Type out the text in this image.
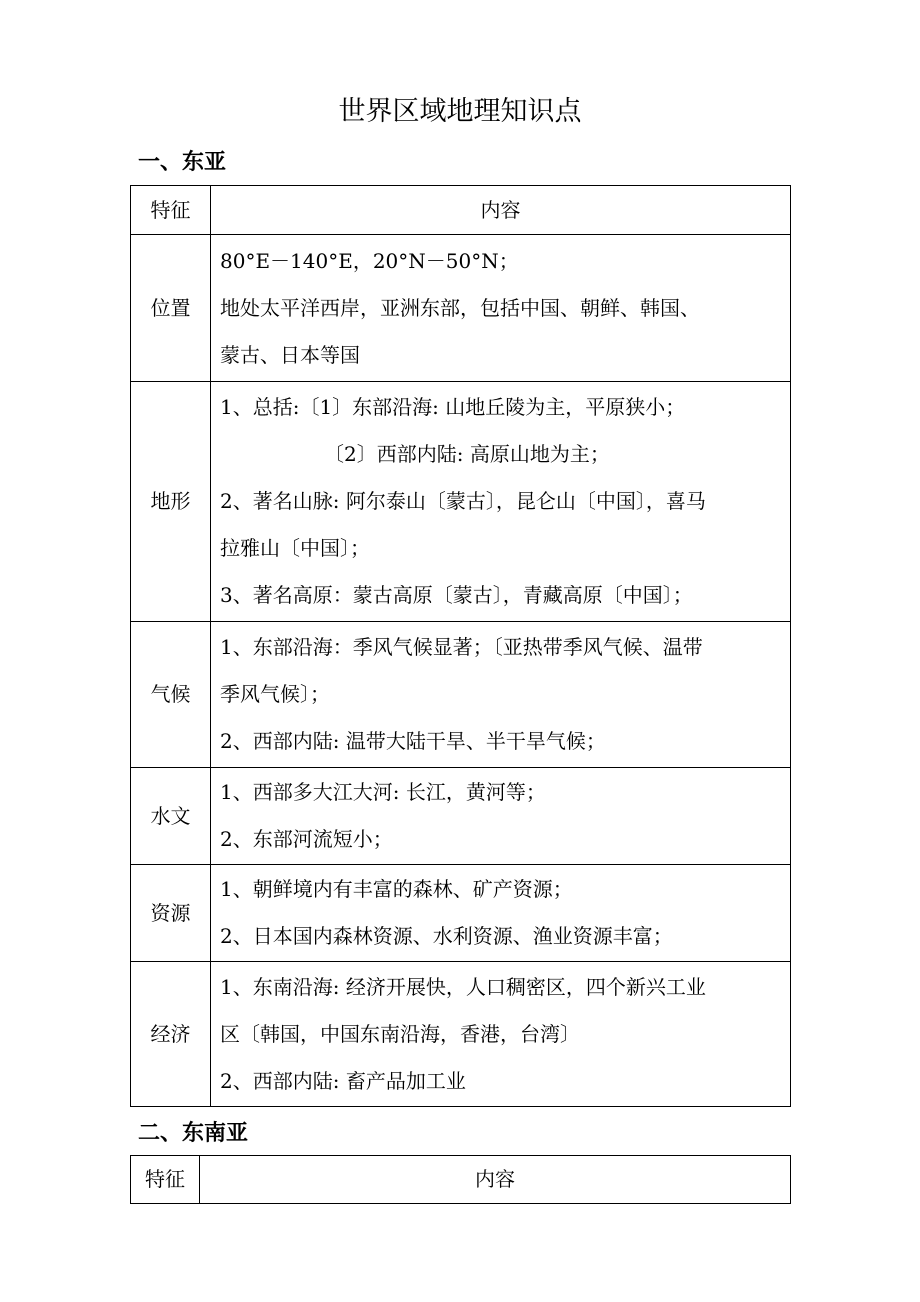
世界区域地理知识点
一、东亚
特征	内容
位置	80°E－140°E，20°N－50°N；
地处太平洋西岸，亚洲东部，包括中国、朝鲜、韩国、
蒙古、日本等国

地形	1、总括:〔1〕东部沿海: 山地丘陵为主，平原狭小；
〔2〕西部内陆: 高原山地为主；
2、著名山脉: 阿尔泰山〔蒙古〕，昆仑山〔中国〕，喜马
拉雅山〔中国〕；
3、著名高原：蒙古高原〔蒙古〕，青藏高原〔中国〕；

气候	1、东部沿海：季风气候显著；〔亚热带季风气候、温带
季风气候〕；
2、西部内陆: 温带大陆干旱、半干旱气候；

水文	1、西部多大江大河: 长江，黄河等；
2、东部河流短小；

资源	1、朝鲜境内有丰富的森林、矿产资源；
2、日本国内森林资源、水利资源、渔业资源丰富；

经济	1、东南沿海: 经济开展快，人口稠密区，四个新兴工业
区〔韩国，中国东南沿海，香港，台湾〕
2、西部内陆: 畜产品加工业
二、东南亚
特征	内容
